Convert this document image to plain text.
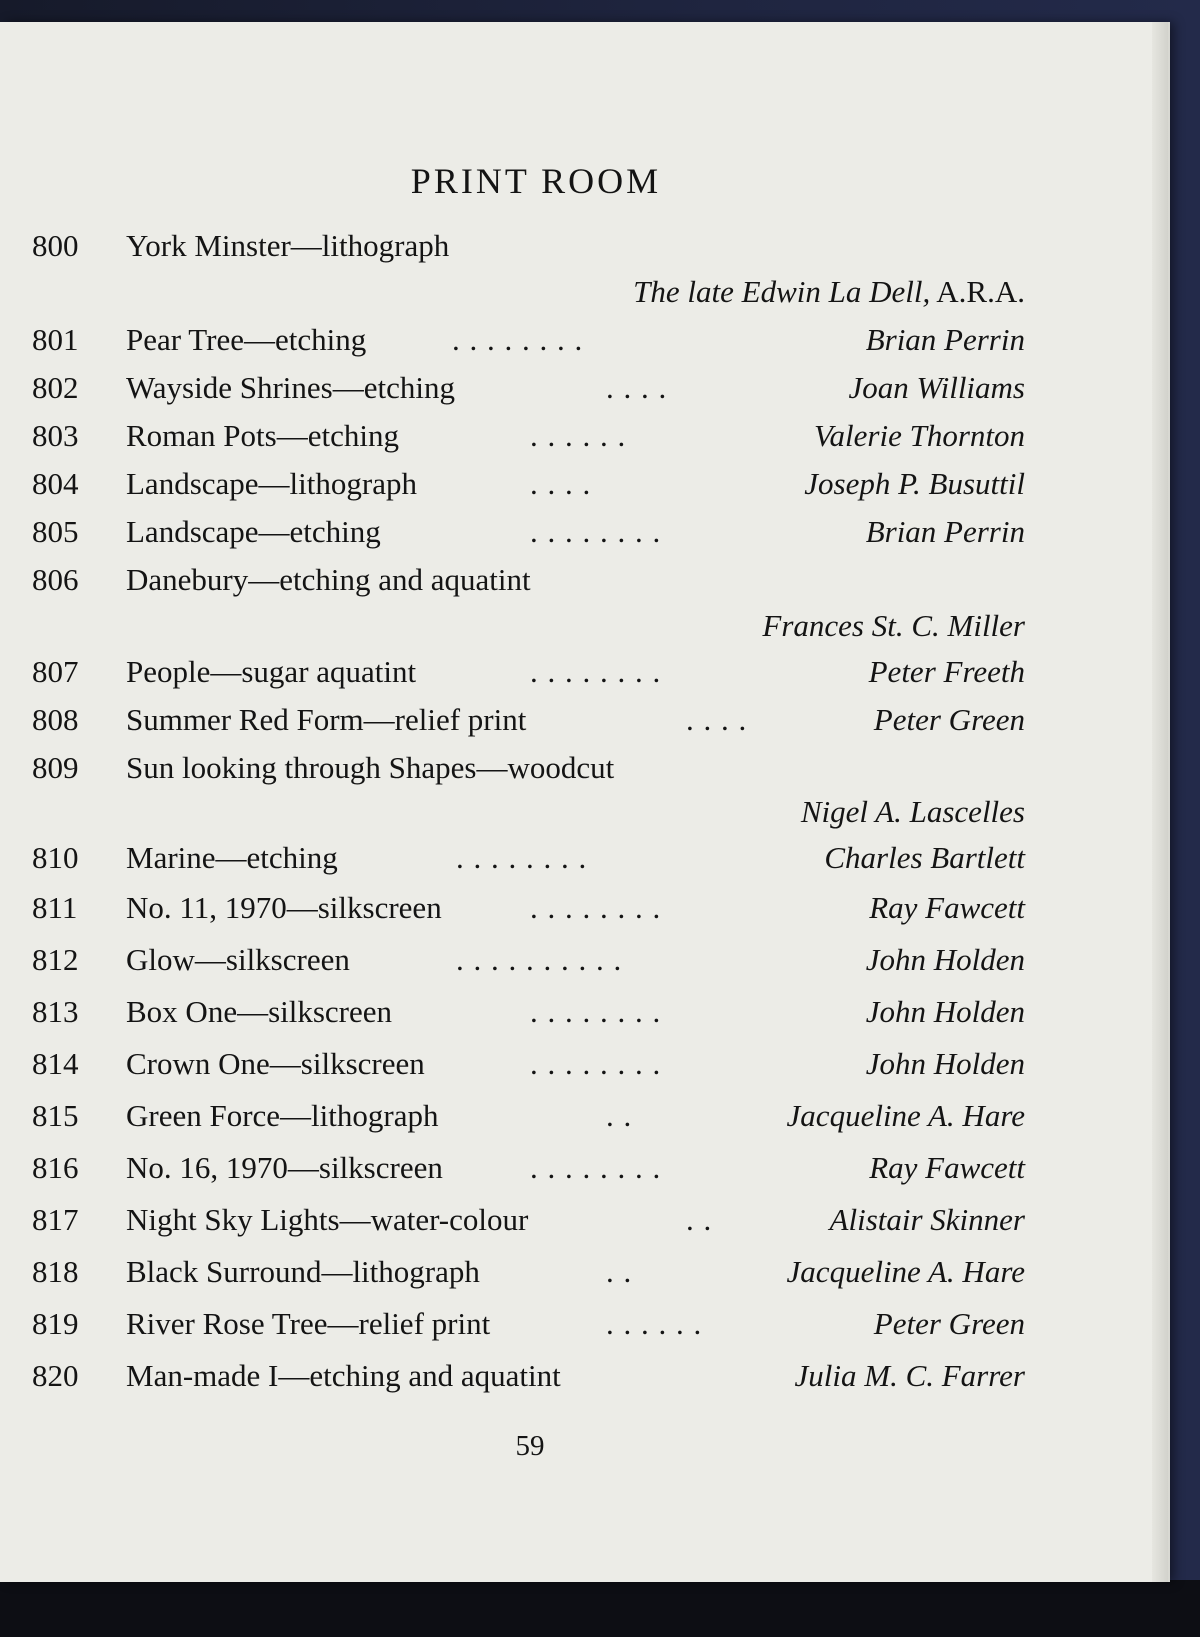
PRINT ROOM
800 York Minster—lithograph
The late Edwin La Dell, A.R.A.
801 Pear Tree—etching	. . . . . . . .	Brian Perrin
802 Wayside Shrines—etching	. . . .	Joan Williams
803 Roman Pots—etching	. . . . . .	Valerie Thornton
804 Landscape—lithograph	. . . .	Joseph P. Busuttil
805 Landscape—etching	. . . . . . . .	Brian Perrin
806 Danebury—etching and aquatint
Frances St. C. Miller
807 People—sugar aquatint	. . . . . . . .	Peter Freeth
808 Summer Red Form—relief print	. . . .	Peter Green
809 Sun looking through Shapes—woodcut
Nigel A. Lascelles
810 Marine—etching	. . . . . . . .	Charles Bartlett
811 No. 11, 1970—silkscreen	. . . . . . . .	Ray Fawcett
812 Glow—silkscreen	. . . . . . . . . .	John Holden
813 Box One—silkscreen	. . . . . . . .	John Holden
814 Crown One—silkscreen	. . . . . . . .	John Holden
815 Green Force—lithograph	. .	Jacqueline A. Hare
816 No. 16, 1970—silkscreen	. . . . . . . .	Ray Fawcett
817 Night Sky Lights—water-colour	. .	Alistair Skinner
818 Black Surround—lithograph	. .	Jacqueline A. Hare
819 River Rose Tree—relief print	. . . . . .	Peter Green
820 Man-made I—etching and aquatint	Julia M. C. Farrer
59
